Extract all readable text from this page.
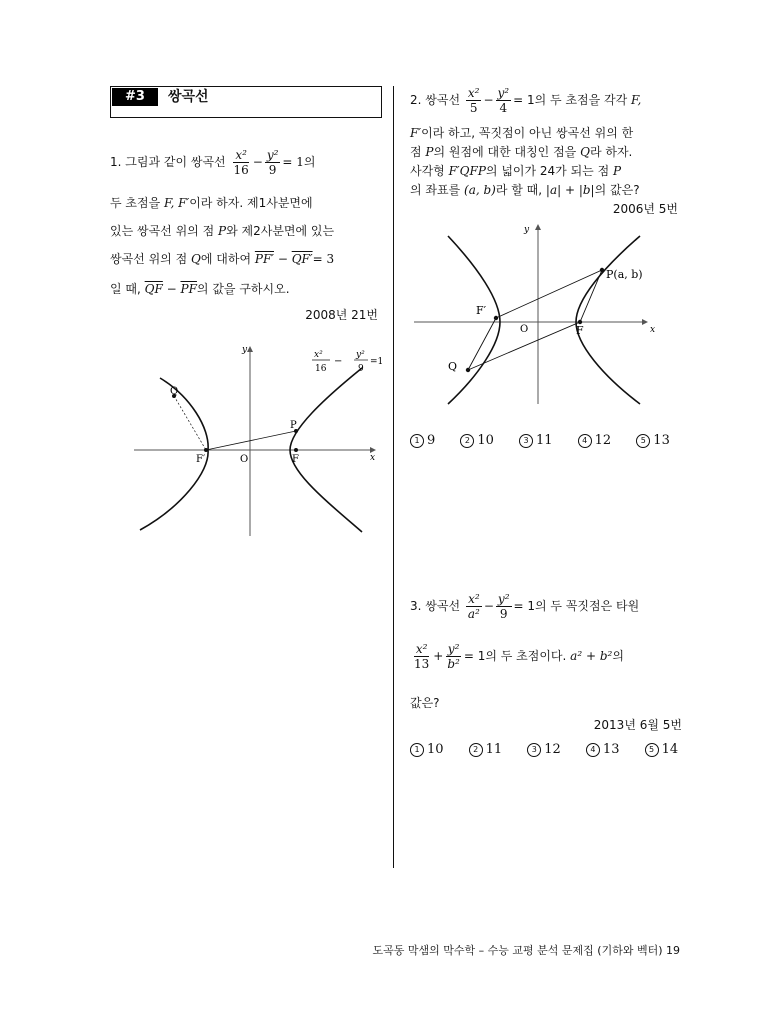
#3	쌍곡선
1. 그림과 같이 쌍곡선 $\frac{\text{x²}}{16} - \frac{\text{y²}}{9} = 1$의
두 초점을 F, F′이라 하자. 제1사분면에
있는 쌍곡선 위의 점 P와 제2사분면에 있는
쌍곡선 위의 점 Q에 대하여 PF′ − QF′= 3
일 때, $\overline{QF} - \overline{PF}$의 값을 구하시오.
2008년 21번
x²
16
−
y²
9
=1
y
x
O
Q
P
F′	F
2. 쌍곡선 $\frac{\text{x²}}{5} - \frac{\text{y²}}{4} = 1$의 두 초점을 각각 F,
F′이라 하고, 꼭짓점이 아닌 쌍곡선 위의 한
점 P의 원점에 대한 대칭인 점을 Q라 하자.
사각형 F′QFP의 넓이가 24가 되는 점 P
의 좌표를 (a, b)라 할 때, |a| + |b|의 값은?
2006년 5번
y
x
O
F′
F
P(a, b)
Q
1 9	2 10	3 11	4 12	5 13
3. 쌍곡선 $\frac{\text{x²}}{\text{a²}} - \frac{\text{y²}}{9} = 1$의 두 꼭짓점은 타원
$\frac{\text{x²}}{13} + \frac{\text{y²}}{\text{b²}} = 1$의 두 초점이다. a² + b²의
값은?
2013년 6월 5번
1 10	2 11	3 12	4 13	5 14
도곡동 막샘의 막수학 – 수능 교평 분석 문제집 (기하와 벡터) 19
